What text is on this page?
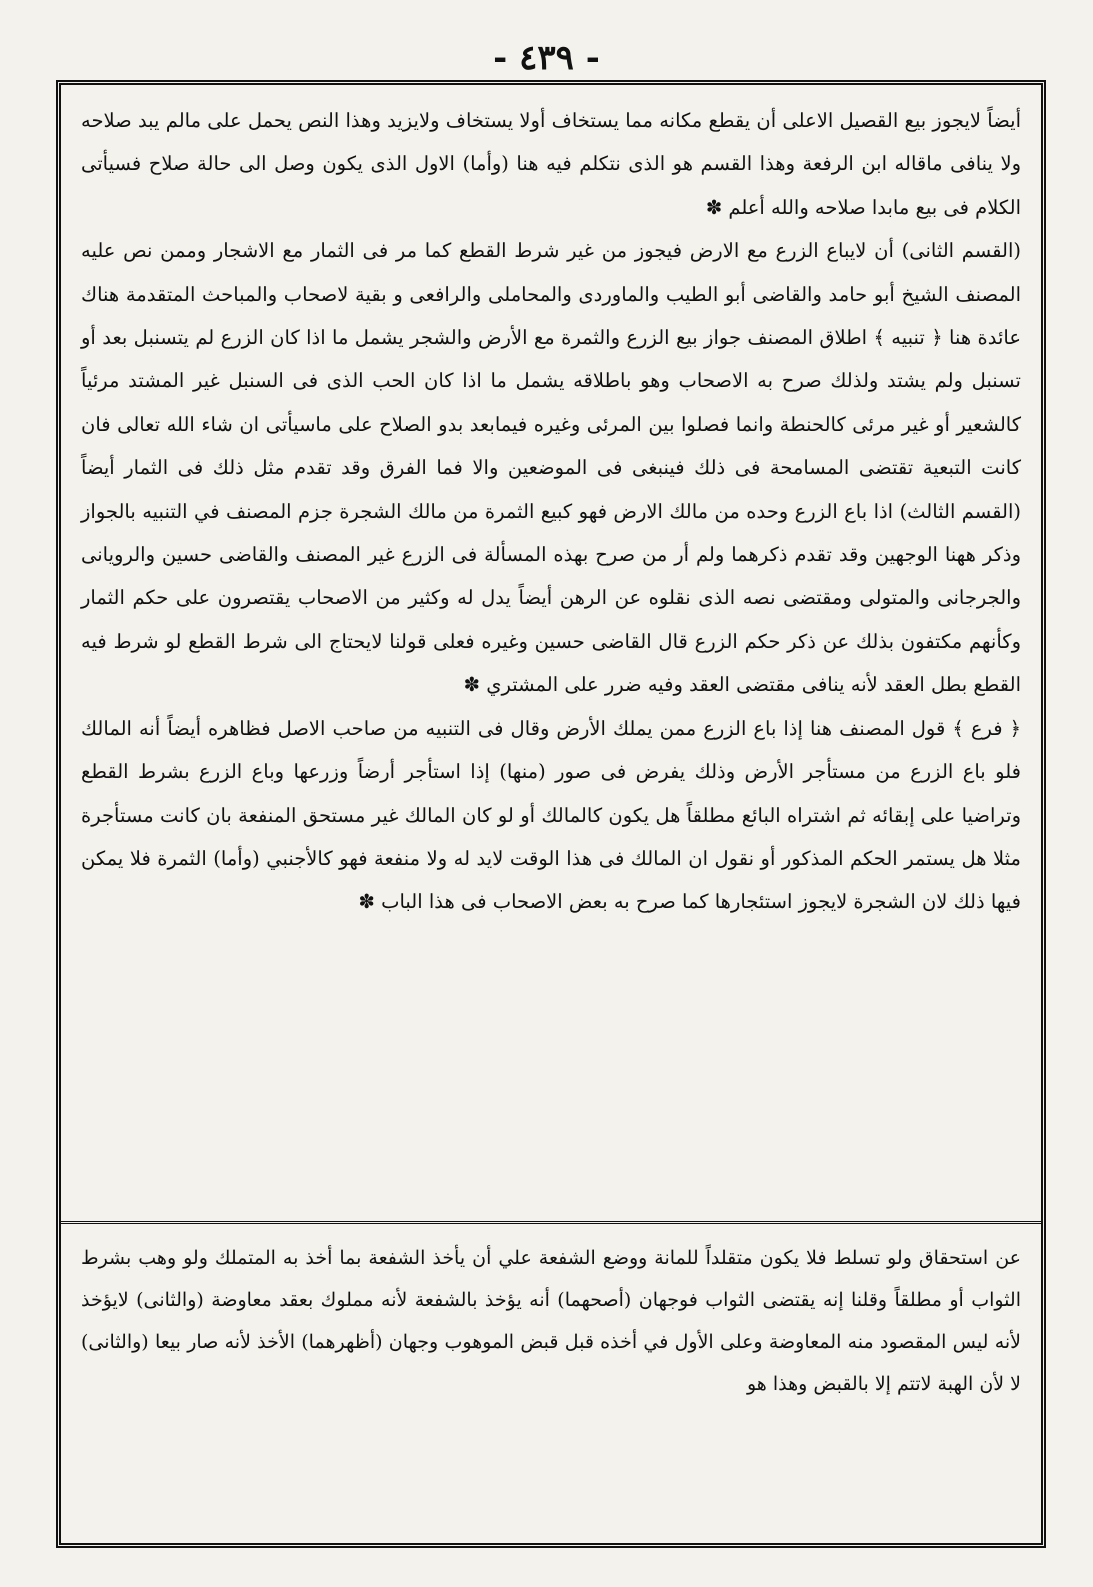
- ٤٣٩ -

أيضاً لايجوز بيع القصيل الاعلى أن يقطع مكانه مما يستخاف أولا يستخاف ولايزيد وهذا النص يحمل على مالم يبد صلاحه ولا ينافى ماقاله ابن الرفعة وهذا القسم هو الذى نتكلم فيه هنا (وأما) الاول الذى يكون وصل الى حالة صلاح فسيأتى الكلام فى بيع مابدا صلاحه والله أعلم ✽

(القسم الثانى) أن لايباع الزرع مع الارض فيجوز من غير شرط القطع كما مر فى الثمار مع الاشجار وممن نص عليه المصنف الشيخ أبو حامد والقاضى أبو الطيب والماوردى والمحاملى والرافعى و بقية لاصحاب والمباحث المتقدمة هناك عائدة هنا ﴿ تنبيه ﴾ اطلاق المصنف جواز بيع الزرع والثمرة مع الأرض والشجر يشمل ما اذا كان الزرع لم يتسنبل بعد أو تسنبل ولم يشتد ولذلك صرح به الاصحاب وهو باطلاقه يشمل ما اذا كان الحب الذى فى السنبل غير المشتد مرئياً كالشعير أو غير مرئى كالحنطة وانما فصلوا بين المرئى وغيره فيمابعد بدو الصلاح على ماسيأتى ان شاء الله تعالى فان كانت التبعية تقتضى المسامحة فى ذلك فينبغى فى الموضعين والا فما الفرق وقد تقدم مثل ذلك فى الثمار أيضاً (القسم الثالث) اذا باع الزرع وحده من مالك الارض فهو كبيع الثمرة من مالك الشجرة جزم المصنف في التنبيه بالجواز وذكر ههنا الوجهين وقد تقدم ذكرهما ولم أر من صرح بهذه المسألة فى الزرع غير المصنف والقاضى حسين والرويانى والجرجانى والمتولى ومقتضى نصه الذى نقلوه عن الرهن أيضاً يدل له وكثير من الاصحاب يقتصرون على حكم الثمار وكأنهم مكتفون بذلك عن ذكر حكم الزرع قال القاضى حسين وغيره فعلى قولنا لايحتاج الى شرط القطع لو شرط فيه القطع بطل العقد لأنه ينافى مقتضى العقد وفيه ضرر على المشتري ✽

﴿ فرع ﴾ قول المصنف هنا إذا باع الزرع ممن يملك الأرض وقال فى التنبيه من صاحب الاصل فظاهره أيضاً أنه المالك فلو باع الزرع من مستأجر الأرض وذلك يفرض فى صور (منها) إذا استأجر أرضاً وزرعها وباع الزرع بشرط القطع وتراضيا على إبقائه ثم اشتراه البائع مطلقاً هل يكون كالمالك أو لو كان المالك غير مستحق المنفعة بان كانت مستأجرة مثلا هل يستمر الحكم المذكور أو نقول ان المالك فى هذا الوقت لايد له ولا منفعة فهو كالأجنبي (وأما) الثمرة فلا يمكن فيها ذلك لان الشجرة لايجوز استئجارها كما صرح به بعض الاصحاب فى هذا الباب ✽

عن استحقاق ولو تسلط فلا يكون متقلداً للمانة ووضع الشفعة علي أن يأخذ الشفعة بما أخذ به المتملك ولو وهب بشرط الثواب أو مطلقاً وقلنا إنه يقتضى الثواب فوجهان (أصحهما) أنه يؤخذ بالشفعة لأنه مملوك بعقد معاوضة (والثانى) لايؤخذ لأنه ليس المقصود منه المعاوضة وعلى الأول في أخذه قبل قبض الموهوب وجهان (أظهرهما) الأخذ لأنه صار بيعا (والثانى) لا لأن الهبة لاتتم إلا بالقبض وهذا هو
